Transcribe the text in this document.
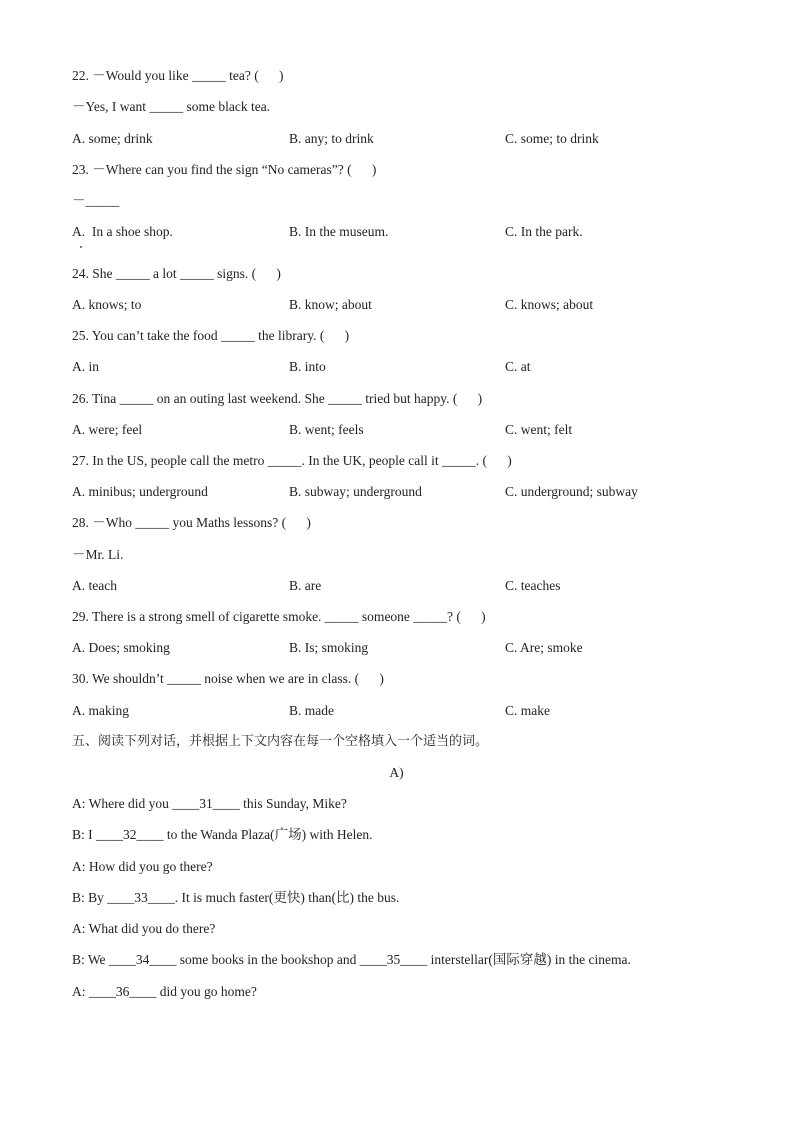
22. －Would you like _____ tea? (      )
－Yes, I want _____ some black tea.
A. some; drink	B. any; to drink	C. some; to drink
23. －Where can you find the sign “No cameras”? (      )
－_____
A.  In a shoe shop.	B. In the museum.	C. In the park.
24. She _____ a lot _____ signs. (      )
A. knows; to	B. know; about	C. knows; about
25. You can’t take the food _____ the library. (      )
A. in	B. into	C. at
26. Tina _____ on an outing last weekend. She _____ tried but happy. (      )
A. were; feel	B. went; feels	C. went; felt
27. In the US, people call the metro _____. In the UK, people call it _____. (      )
A. minibus; underground	B. subway; underground	C. underground; subway
28. －Who _____ you Maths lessons? (      )
－Mr. Li.
A. teach	B. are	C. teaches
29. There is a strong smell of cigarette smoke. _____ someone _____? (      )
A. Does; smoking	B. Is; smoking	C. Are; smoke
30. We shouldn’t _____ noise when we are in class. (      )
A. making	B. made	C. make
五、阅读下列对话，并根据上下文内容在每一个空格填入一个适当的词。
A)
A: Where did you ____31____ this Sunday, Mike?
B: I ____32____ to the Wanda Plaza(广场) with Helen.
A: How did you go there?
B: By ____33____. It is much faster(更快) than(比) the bus.
A: What did you do there?
B: We ____34____ some books in the bookshop and ____35____ interstellar(国际穿越) in the cinema.
A: ____36____ did you go home?
